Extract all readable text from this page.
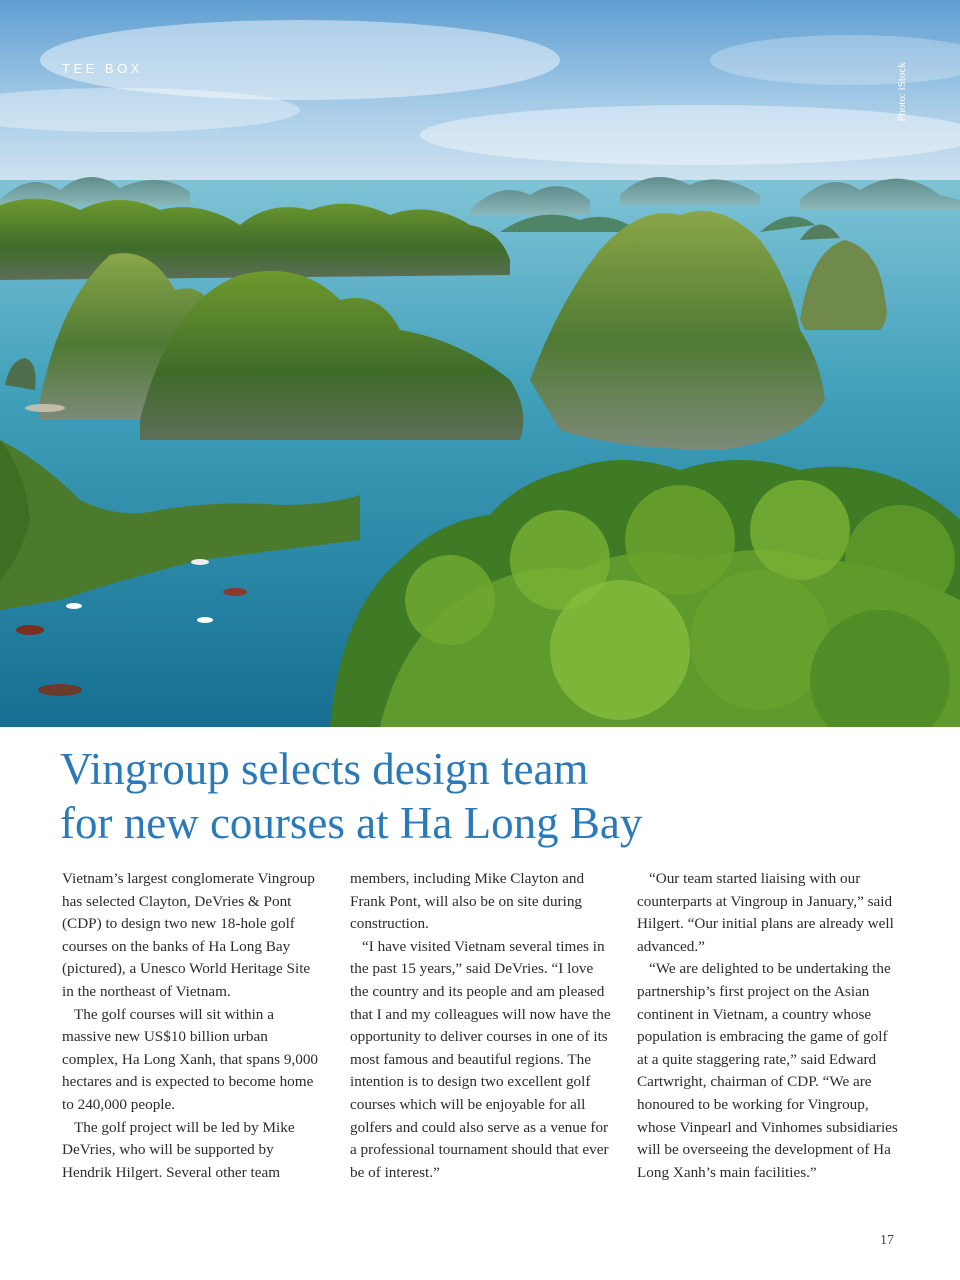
TEE BOX	Photo: iStock
Vingroup selects design team
for new courses at Ha Long Bay

Vietnam’s largest conglomerate Vingroup has selected Clayton, DeVries & Pont (CDP) to design two new 18-hole golf courses on the banks of Ha Long Bay (pictured), a Unesco World Heritage Site in the northeast of Vietnam.

The golf courses will sit within a massive new US$10 billion urban complex, Ha Long Xanh, that spans 9,000 hectares and is expected to become home to 240,000 people.

The golf project will be led by Mike DeVries, who will be supported by Hendrik Hilgert. Several other team

members, including Mike Clayton and Frank Pont, will also be on site during construction.

“I have visited Vietnam several times in the past 15 years,” said DeVries. “I love the country and its people and am pleased that I and my colleagues will now have the opportunity to deliver courses in one of its most famous and beautiful regions. The intention is to design two excellent golf courses which will be enjoyable for all golfers and could also serve as a venue for a professional tournament should that ever be of interest.”

“Our team started liaising with our counterparts at Vingroup in January,” said Hilgert. “Our initial plans are already well advanced.”

“We are delighted to be undertaking the partnership’s first project on the Asian continent in Vietnam, a country whose population is embracing the game of golf at a quite staggering rate,” said Edward Cartwright, chairman of CDP. “We are honoured to be working for Vingroup, whose Vinpearl and Vinhomes subsidiaries will be overseeing the development of Ha Long Xanh’s main facilities.”

17
